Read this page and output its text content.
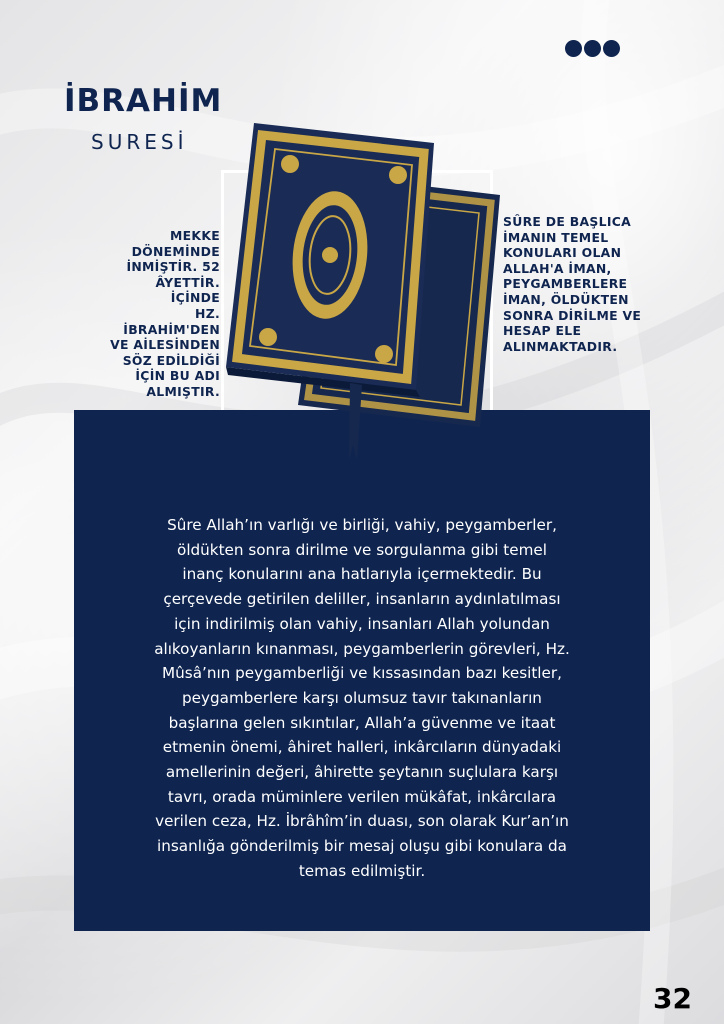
İBRAHİM
SURESİ

MEKKE
DÖNEMİNDE
İNMİŞTİR. 52
ÂYETTİR. İÇİNDE
HZ. İBRAHİM'DEN
VE AİLESİNDEN
SÖZ EDİLDİĞİ
İÇİN BU ADI
ALMIŞTIR.

SÛRE DE BAŞLICA
İMANIN TEMEL
KONULARI OLAN
ALLAH'A İMAN,
PEYGAMBERLERE
İMAN, ÖLDÜKTEN
SONRA DİRİLME VE
HESAP ELE
ALINMAKTADIR.

Sûre Allah’ın varlığı ve birliği, vahiy, peygamberler,
öldükten sonra dirilme ve sorgulanma gibi temel
inanç konularını ana hatlarıyla içermektedir. Bu
çerçevede getirilen deliller, insanların aydınlatılması
için indirilmiş olan vahiy, insanları Allah yolundan
alıkoyanların kınanması, peygamberlerin görevleri, Hz.
Mûsâ’nın peygamberliği ve kıssasından bazı kesitler,
peygamberlere karşı olumsuz tavır takınanların
başlarına gelen sıkıntılar, Allah’a güvenme ve itaat
etmenin önemi, âhiret halleri, inkârcıların dünyadaki
amellerinin değeri, âhirette şeytanın suçlulara karşı
tavrı, orada müminlere verilen mükâfat, inkârcılara
verilen ceza, Hz. İbrâhîm’in duası, son olarak Kur’an’ın
insanlığa gönderilmiş bir mesaj oluşu gibi konulara da
temas edilmiştir.

32
